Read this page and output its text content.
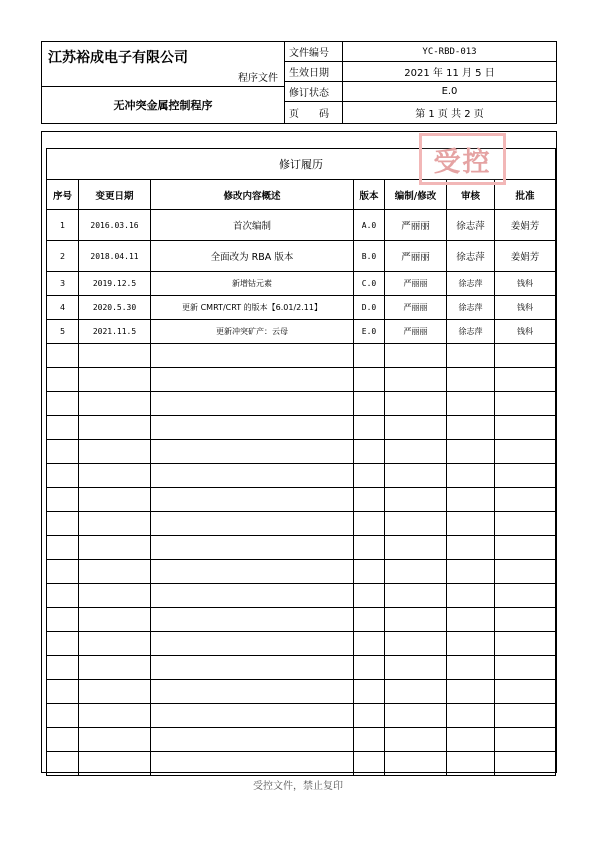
江苏裕成电子有限公司
程序文件
无冲突金属控制程序
文件编号	YC-RBD-013
生效日期	2021 年 11 月 5 日
修订状态	E.0
页　　码	第 1 页 共 2 页
修订履历						
序号	变更日期	修改内容概述	版本	编制/修改	审核	批准
1	2016.03.16	首次编制	A.0	严丽丽	徐志萍	姜娟芳
2	2018.04.11	全面改为 RBA 版本	B.0	严丽丽	徐志萍	姜娟芳
3	2019.12.5	新增钴元素	C.0	严丽丽	徐志萍	钱科
4	2020.5.30	更新 CMRT/CRT 的版本【6.01/2.11】	D.0	严丽丽	徐志萍	钱科
5	2021.11.5	更新冲突矿产：云母	E.0	严丽丽	徐志萍	钱科

受控
受控文件，禁止复印
